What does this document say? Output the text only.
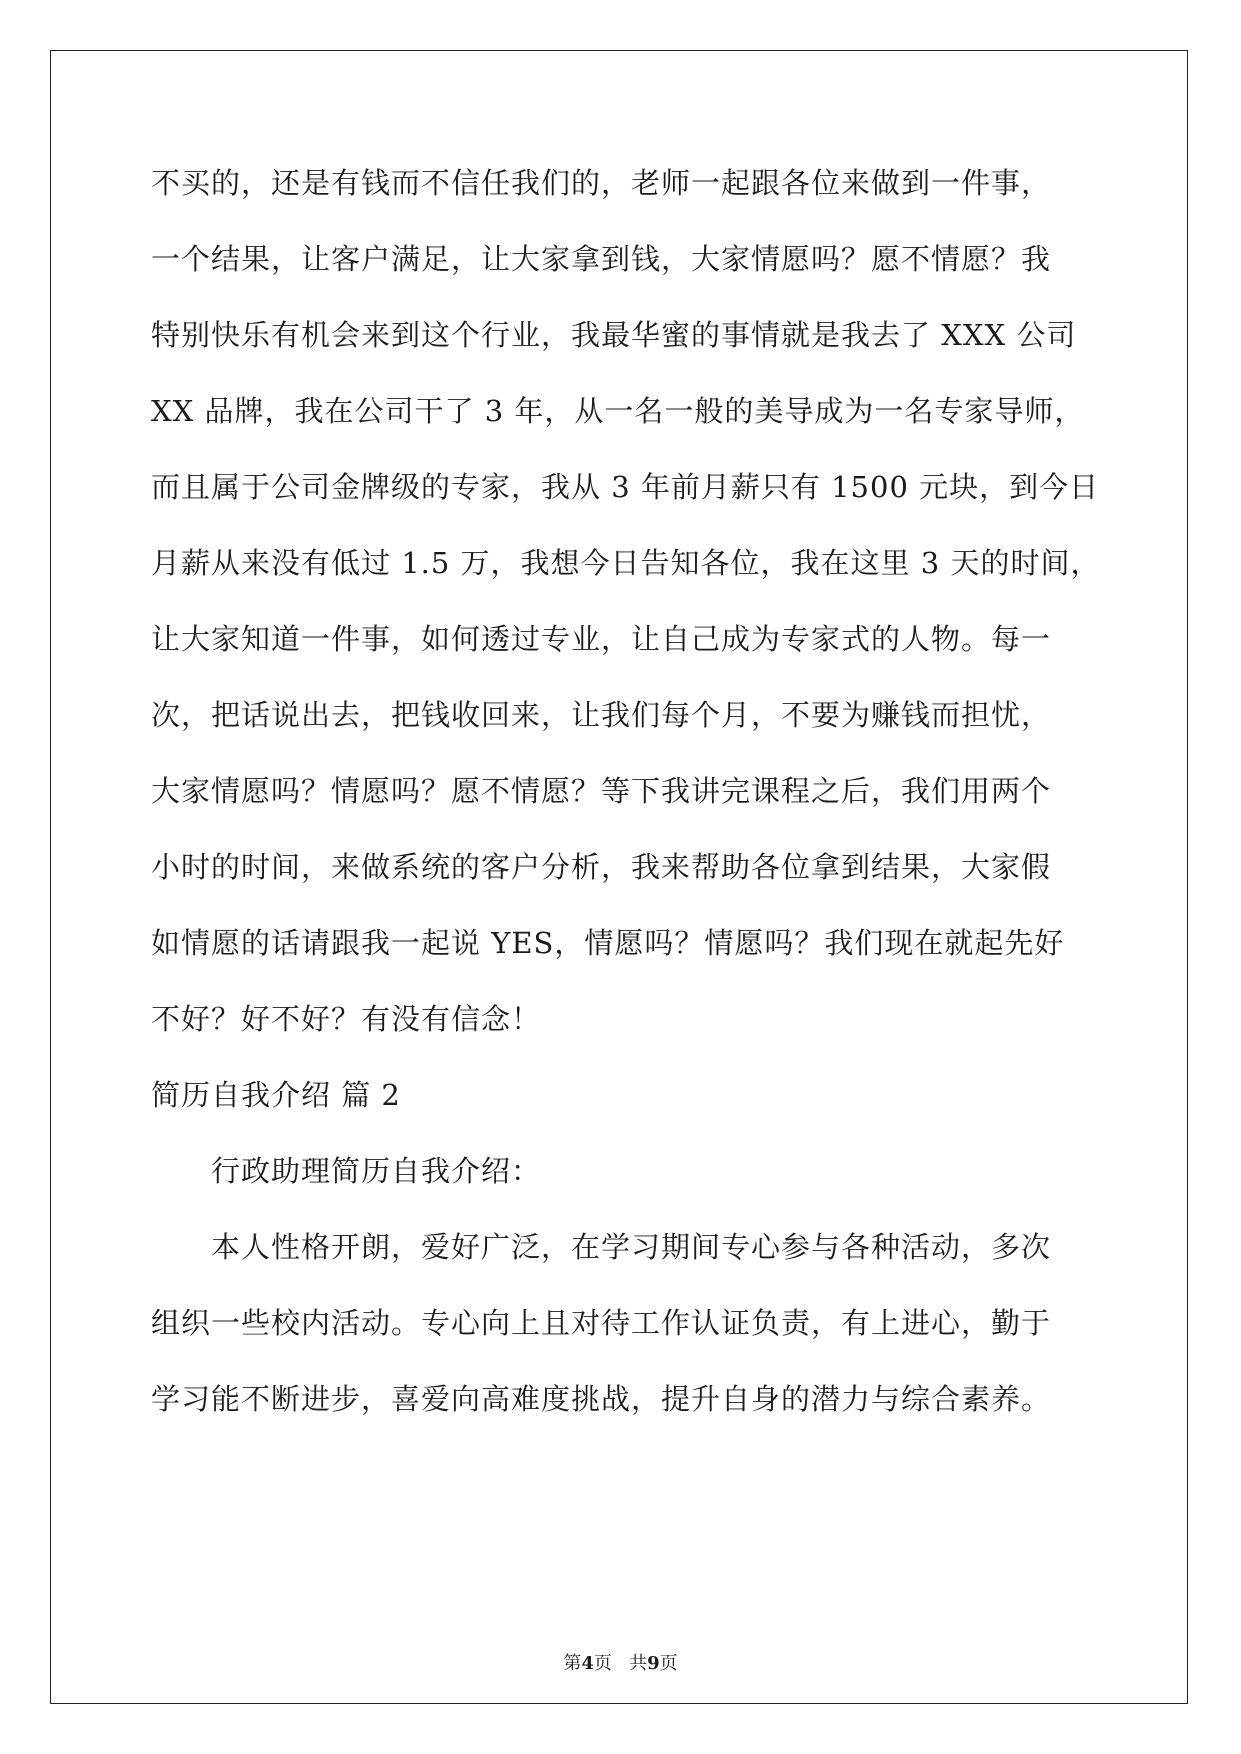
不买的，还是有钱而不信任我们的，老师一起跟各位来做到一件事，
一个结果，让客户满足，让大家拿到钱，大家情愿吗？愿不情愿？我
特别快乐有机会来到这个行业，我最华蜜的事情就是我去了 XXX 公司
XX 品牌，我在公司干了 3 年，从一名一般的美导成为一名专家导师，
而且属于公司金牌级的专家，我从 3 年前月薪只有 1500 元块，到今日
月薪从来没有低过 1.5 万，我想今日告知各位，我在这里 3 天的时间，
让大家知道一件事，如何透过专业，让自己成为专家式的人物。每一
次，把话说出去，把钱收回来，让我们每个月，不要为赚钱而担忧，
大家情愿吗？情愿吗？愿不情愿？等下我讲完课程之后，我们用两个
小时的时间，来做系统的客户分析，我来帮助各位拿到结果，大家假
如情愿的话请跟我一起说 YES，情愿吗？情愿吗？我们现在就起先好
不好？好不好？有没有信念！
简历自我介绍 篇 2
行政助理简历自我介绍：
本人性格开朗，爱好广泛，在学习期间专心参与各种活动，多次
组织一些校内活动。专心向上且对待工作认证负责，有上进心，勤于
学习能不断进步，喜爱向高难度挑战，提升自身的潜力与综合素养。
第4页 共9页
